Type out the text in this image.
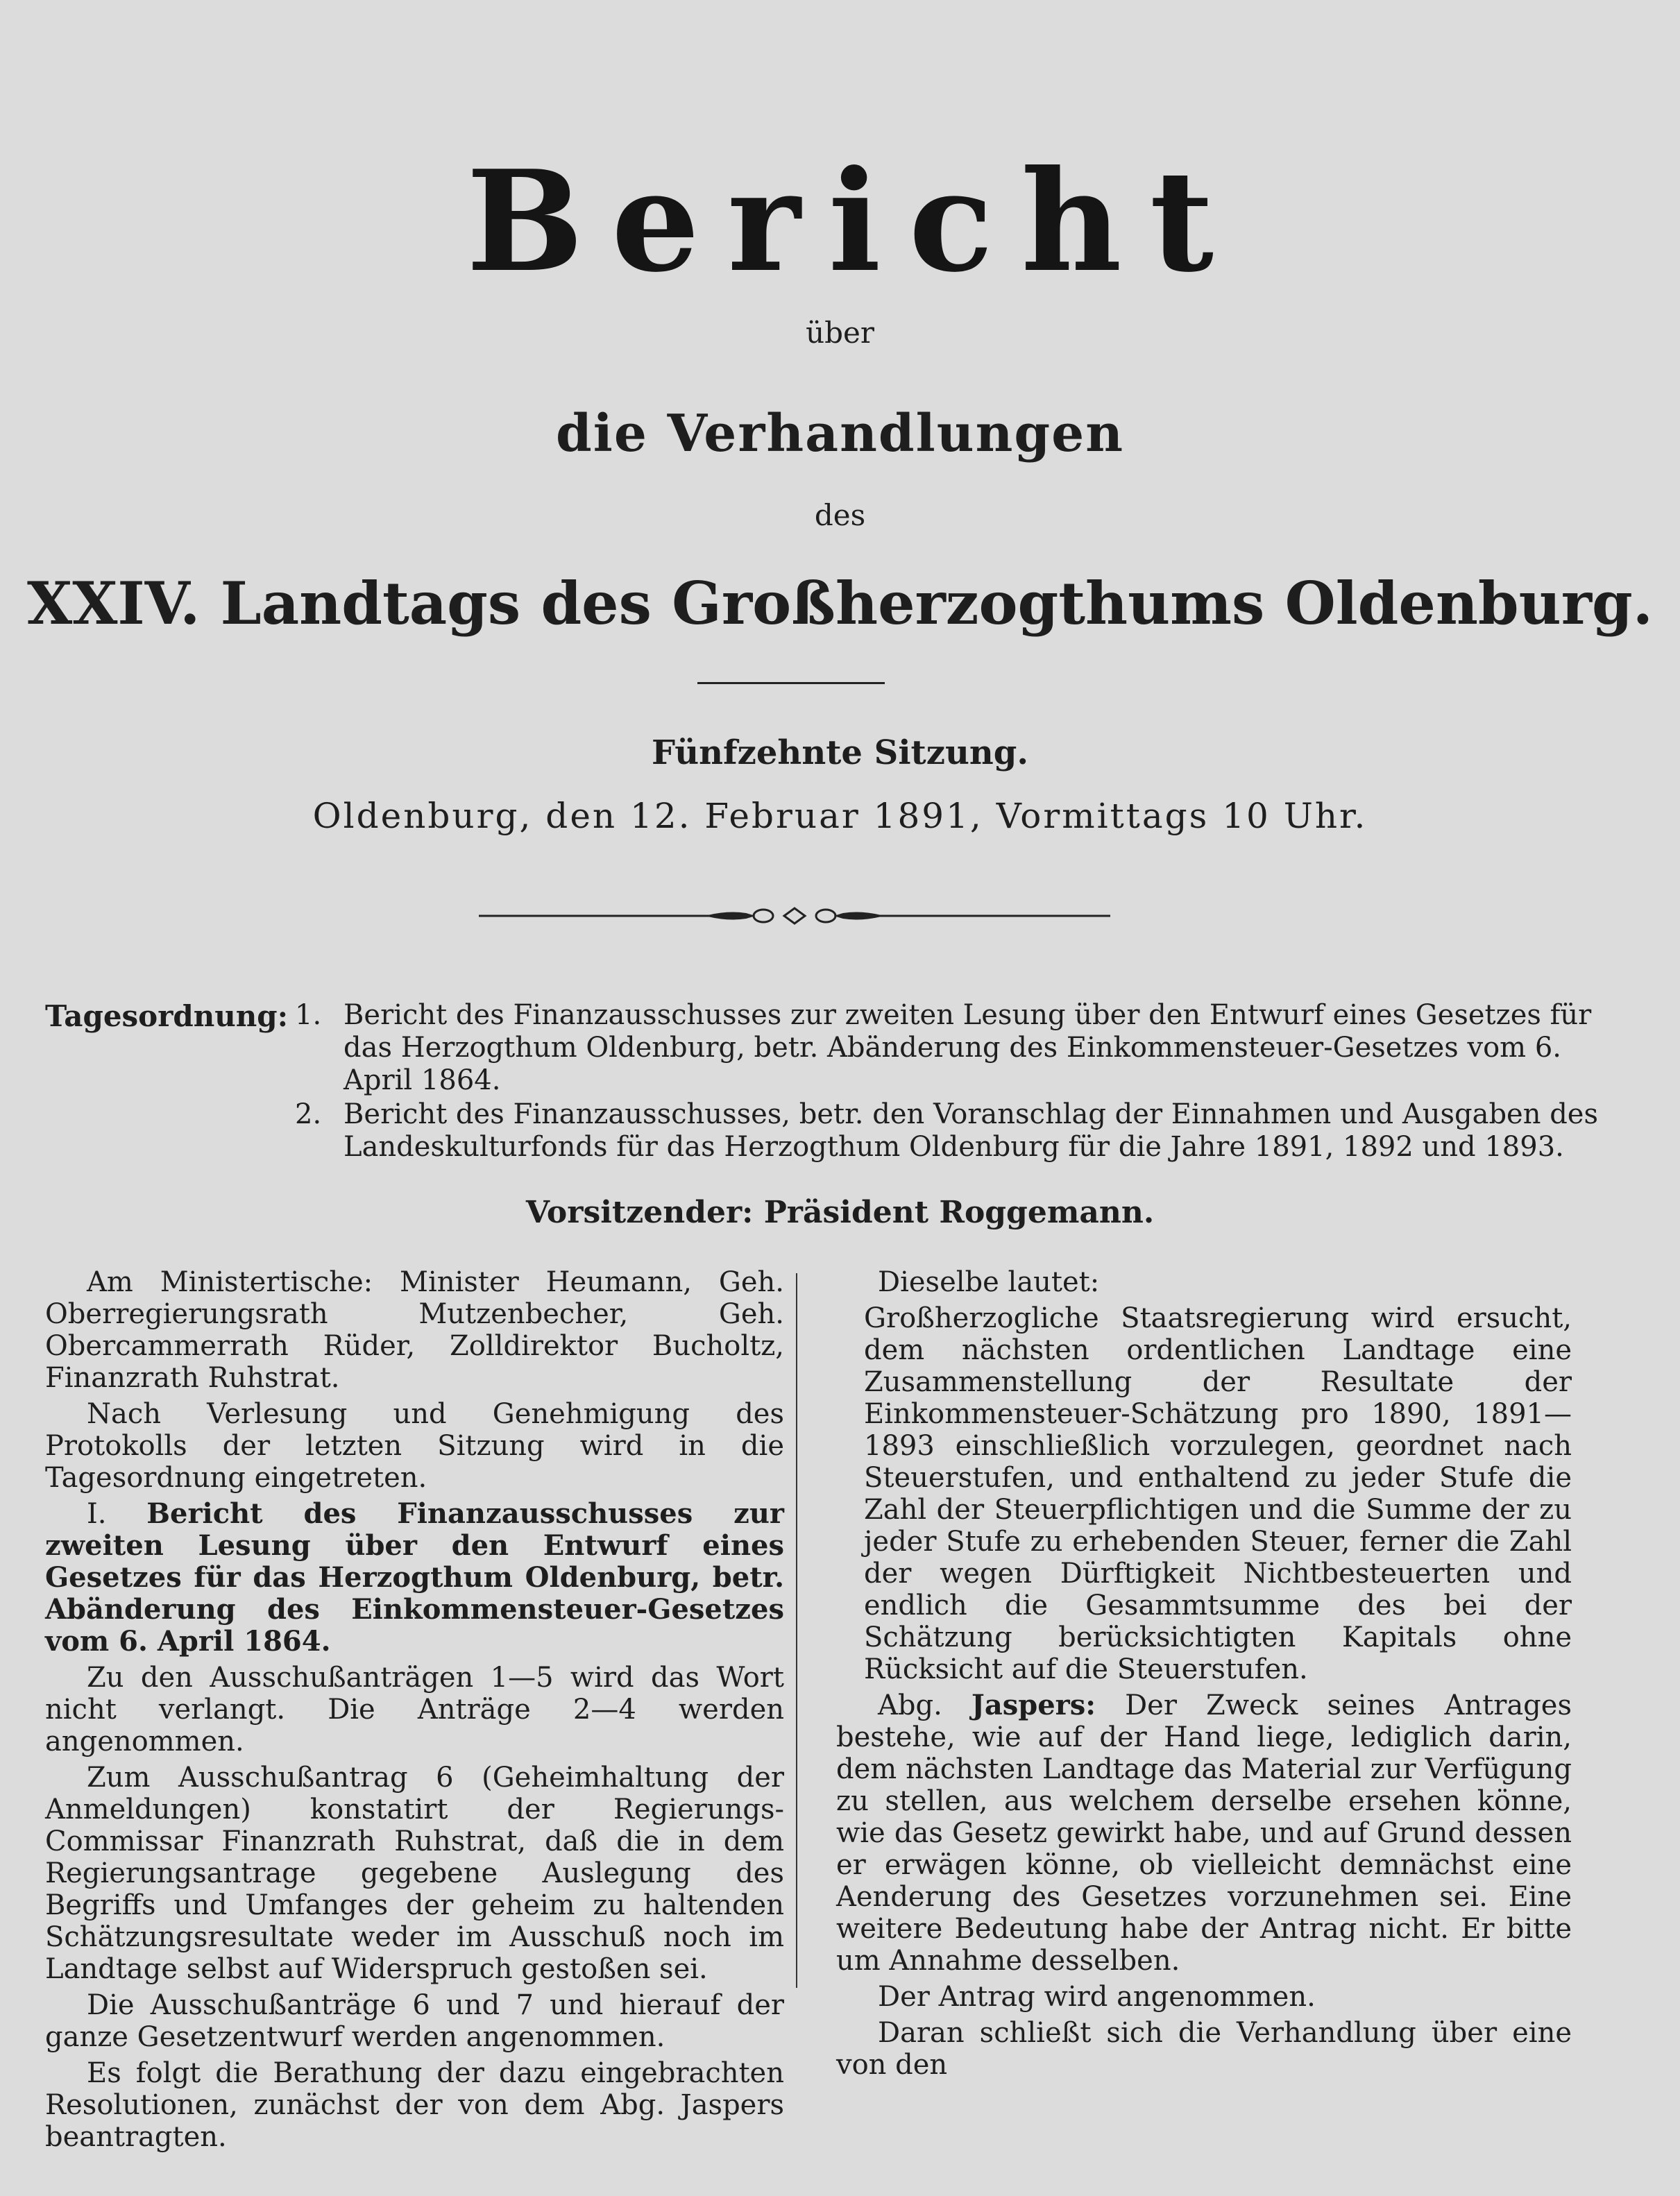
Bericht
über
die Verhandlungen
des
XXIV. Landtags des Großherzogthums Oldenburg.
Fünfzehnte Sitzung.
Oldenburg, den 12. Februar 1891, Vormittags 10 Uhr.
Tagesordnung: 1. Bericht des Finanzausschusses zur zweiten Lesung über den Entwurf eines Gesetzes für das Herzogthum Oldenburg, betr. Abänderung des Einkommensteuer-Gesetzes vom 6. April 1864.
2. Bericht des Finanzausschusses, betr. den Voranschlag der Einnahmen und Ausgaben des Landeskulturfonds für das Herzogthum Oldenburg für die Jahre 1891, 1892 und 1893.
Vorsitzender: Präsident Roggemann.

Am Ministertische: Minister Heumann, Geh. Oberregierungsrath Mutzenbecher, Geh. Obercammerrath Rüder, Zolldirektor Bucholtz, Finanzrath Ruhstrat.

Nach Verlesung und Genehmigung des Protokolls der letzten Sitzung wird in die Tagesordnung eingetreten.

I. Bericht des Finanzausschusses zur zweiten Lesung über den Entwurf eines Gesetzes für das Herzogthum Oldenburg, betr. Abänderung des Einkommensteuer-Gesetzes vom 6. April 1864.

Zu den Ausschußanträgen 1—5 wird das Wort nicht verlangt. Die Anträge 2—4 werden angenommen.

Zum Ausschußantrag 6 (Geheimhaltung der Anmeldungen) konstatirt der Regierungs-Commissar Finanzrath Ruhstrat, daß die in dem Regierungsantrage gegebene Auslegung des Begriffs und Umfanges der geheim zu haltenden Schätzungsresultate weder im Ausschuß noch im Landtage selbst auf Widerspruch gestoßen sei.

Die Ausschußanträge 6 und 7 und hierauf der ganze Gesetzentwurf werden angenommen.

Es folgt die Berathung der dazu eingebrachten Resolutionen, zunächst der von dem Abg. Jaspers beantragten.

Dieselbe lautet:

Großherzogliche Staatsregierung wird ersucht, dem nächsten ordentlichen Landtage eine Zusammenstellung der Resultate der Einkommensteuer-Schätzung pro 1890, 1891—1893 einschließlich vorzulegen, geordnet nach Steuerstufen, und enthaltend zu jeder Stufe die Zahl der Steuerpflichtigen und die Summe der zu jeder Stufe zu erhebenden Steuer, ferner die Zahl der wegen Dürftigkeit Nichtbesteuerten und endlich die Gesammtsumme des bei der Schätzung berücksichtigten Kapitals ohne Rücksicht auf die Steuerstufen.

Abg. Jaspers: Der Zweck seines Antrages bestehe, wie auf der Hand liege, lediglich darin, dem nächsten Landtage das Material zur Verfügung zu stellen, aus welchem derselbe ersehen könne, wie das Gesetz gewirkt habe, und auf Grund dessen er erwägen könne, ob vielleicht demnächst eine Aenderung des Gesetzes vorzunehmen sei. Eine weitere Bedeutung habe der Antrag nicht. Er bitte um Annahme desselben.

Der Antrag wird angenommen.

Daran schließt sich die Verhandlung über eine von den
